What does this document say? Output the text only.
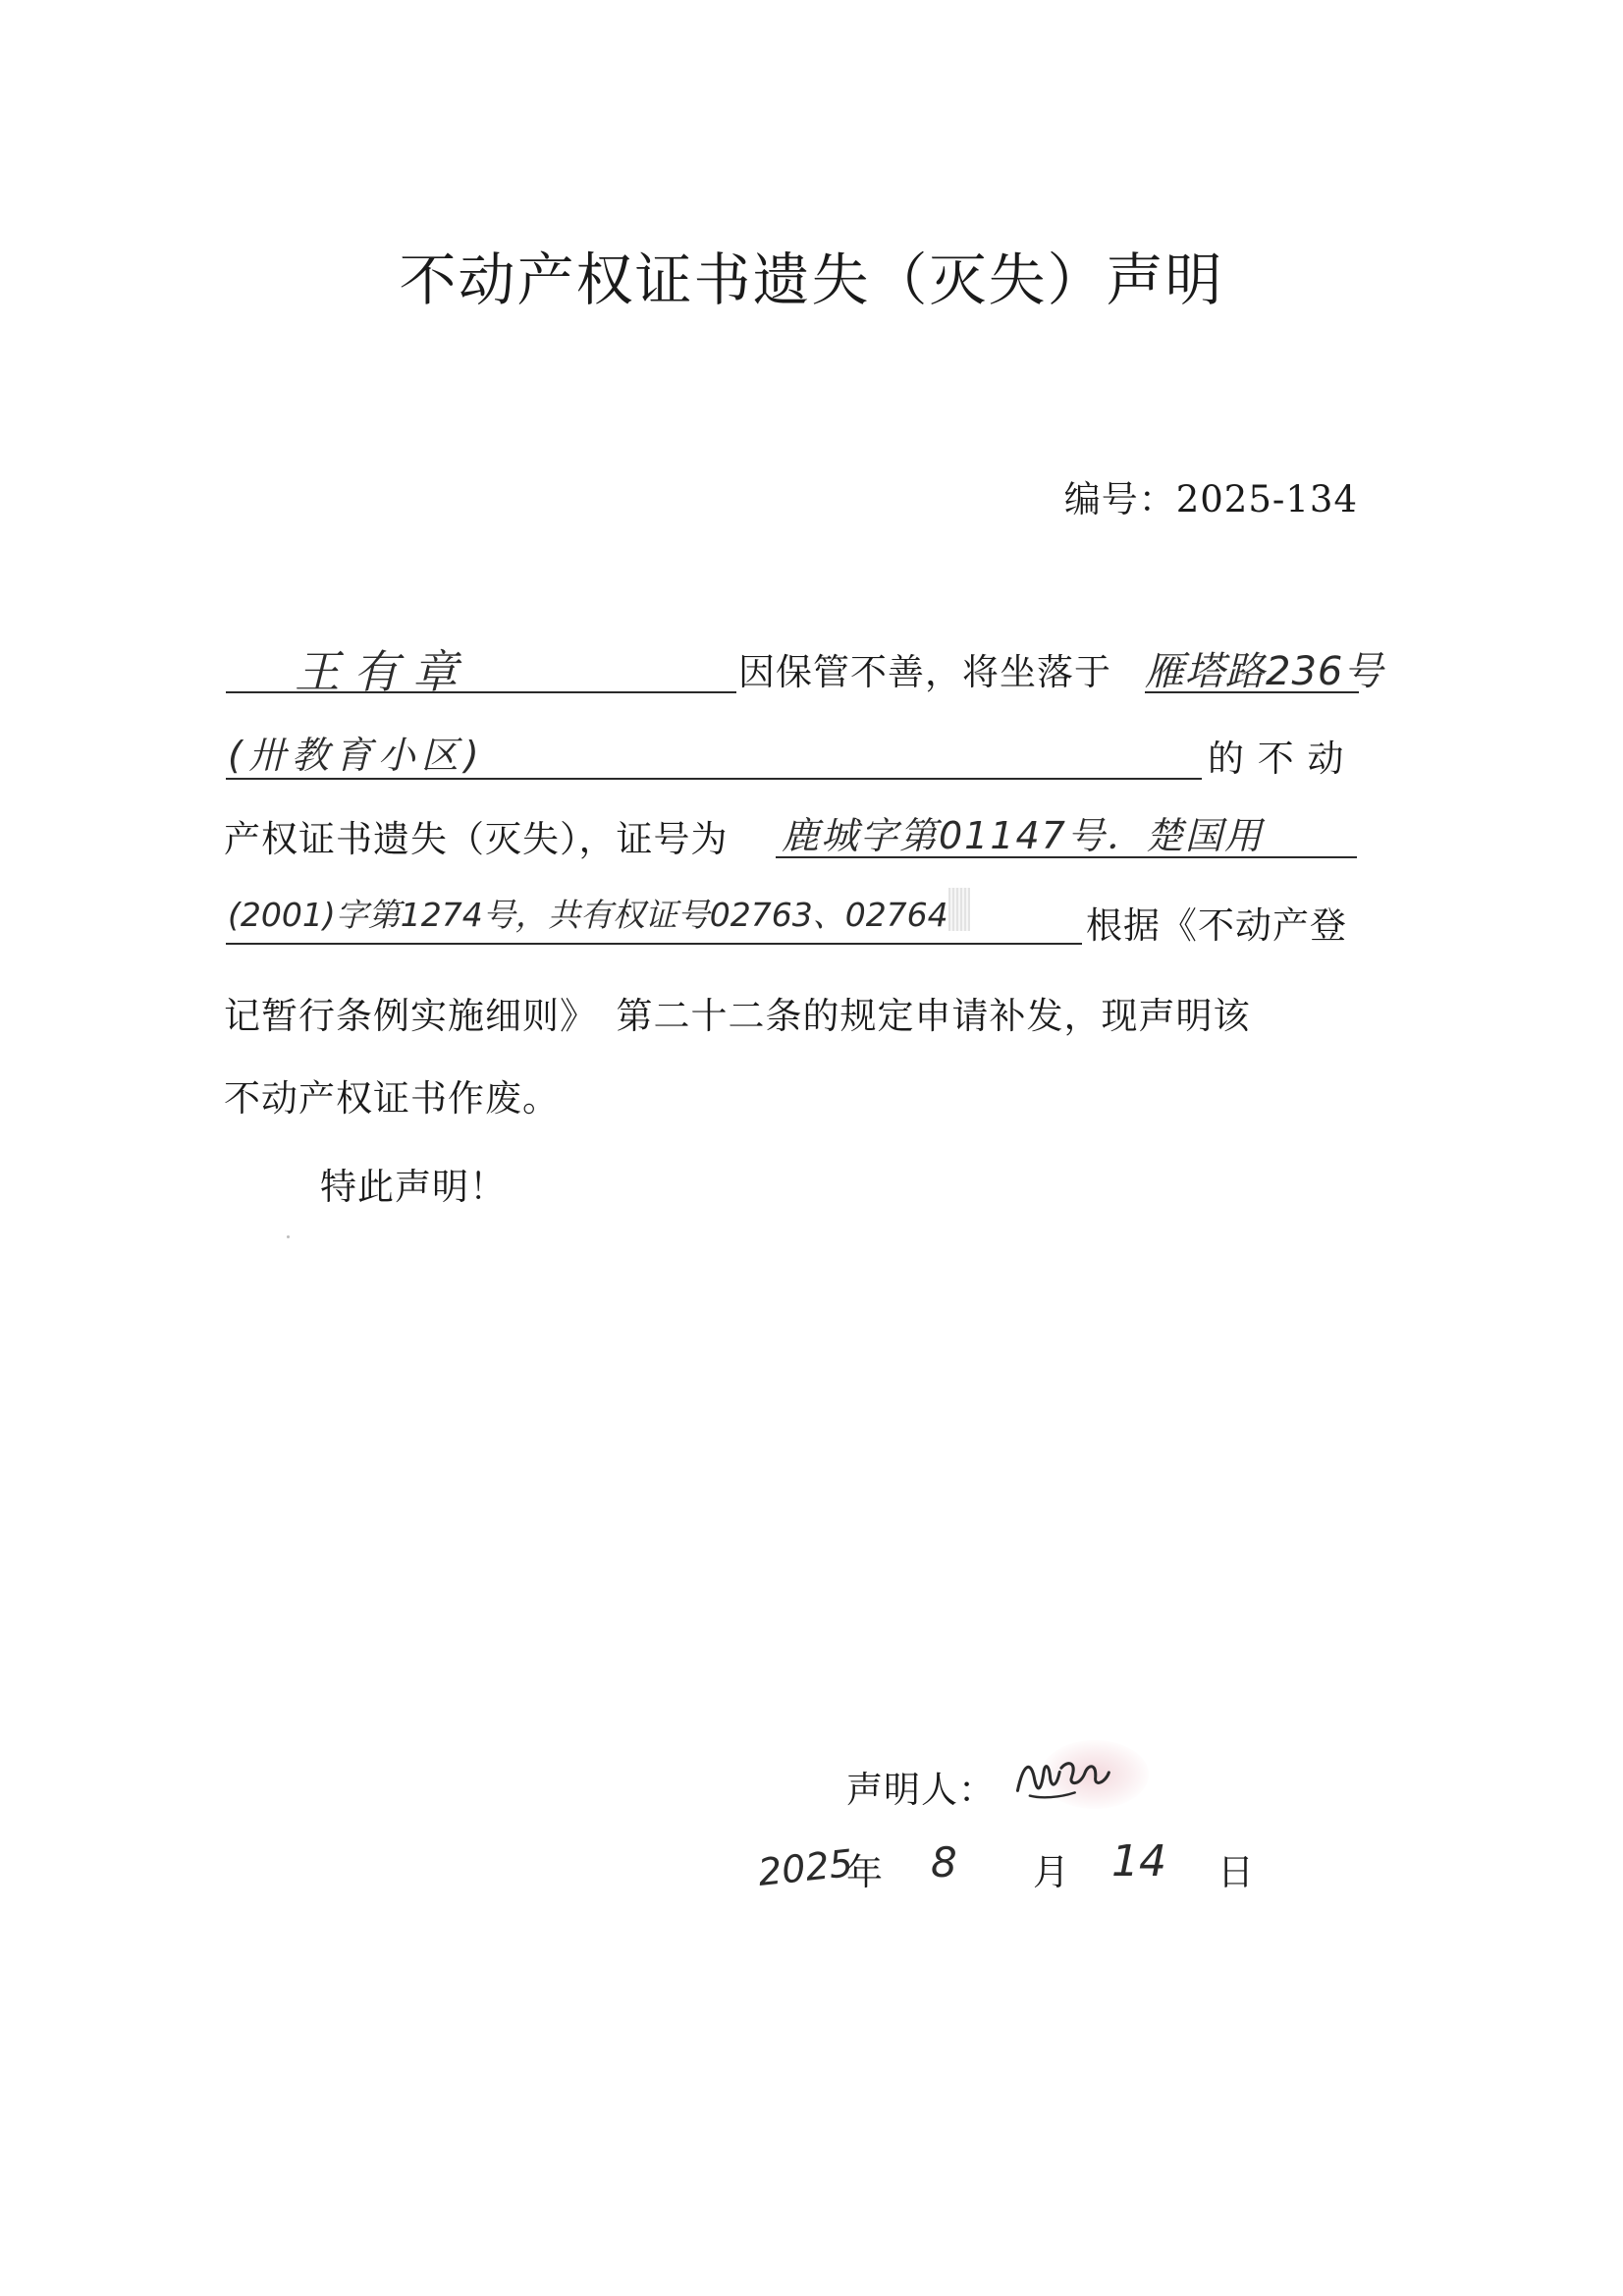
不动产权证书遗失（灭失）声明
编号：2025-134
王有章	因保管不善，将坐落于 雁塔路236号
(卅教育小区)	的 不 动
产权证书遗失（灭失），证号为 鹿城字第01147号．楚国用
(2001)字第1274号，共有权证号02763、02764	根据《不动产登
记暂行条例实施细则》　第二十二条的规定申请补发，现声明该
不动产权证书作废。
特此声明！
声明人：
2025
年 8 月 14 日
